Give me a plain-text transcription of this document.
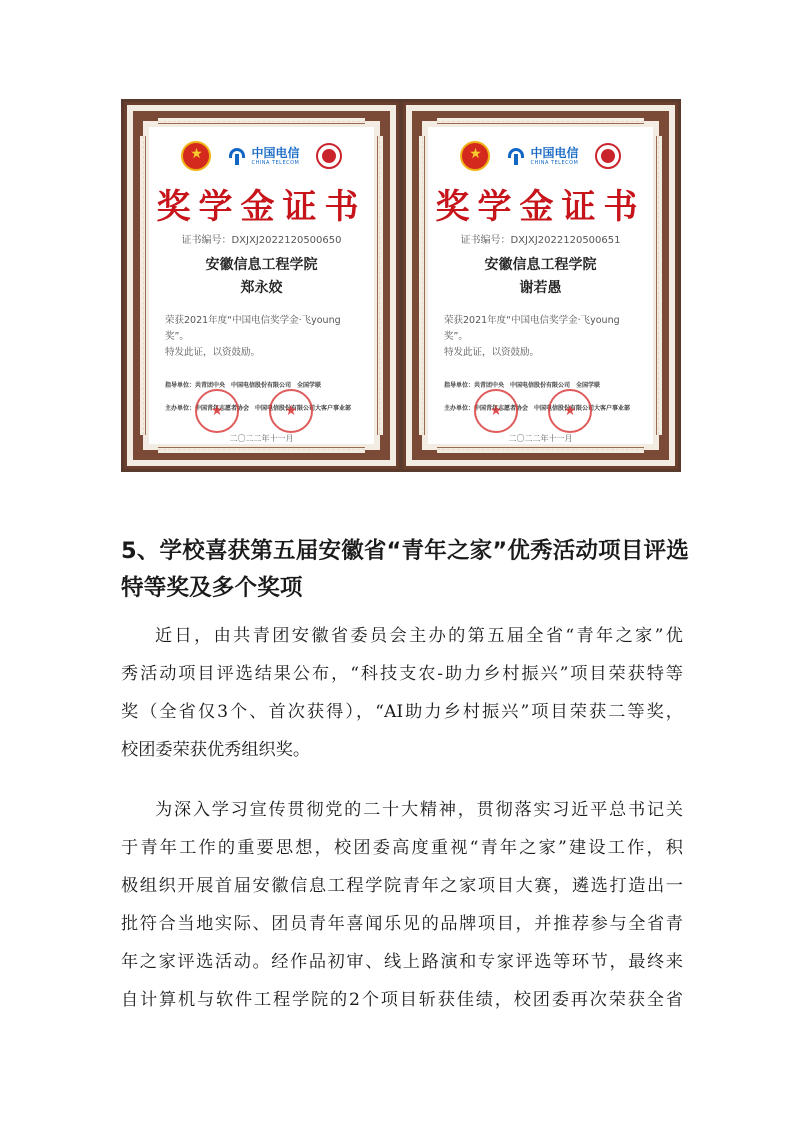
★
中国电信
CHINA TELECOM
奖学金证书
证书编号：DXJXJ2022120500650
安徽信息工程学院
郑永姣
荣获2021年度“中国电信奖学金·飞young奖”。
特发此证，以资鼓励。
指导单位：共青团中央　中国电信股份有限公司　全国学联
主办单位：中国青年志愿者协会　中国电信股份有限公司大客户事业部
★
★
二〇二二年十一月
★
中国电信
CHINA TELECOM
奖学金证书
证书编号：DXJXJ2022120500651
安徽信息工程学院
谢若愚
荣获2021年度“中国电信奖学金·飞young奖”。
特发此证，以资鼓励。
指导单位：共青团中央　中国电信股份有限公司　全国学联
主办单位：中国青年志愿者协会　中国电信股份有限公司大客户事业部
★
★
二〇二二年十一月
5、学校喜获第五届安徽省“青年之家”优秀活动项目评选
特等奖及多个奖项
近日，由共青团安徽省委员会主办的第五届全省“青年之家”优
秀活动项目评选结果公布，“科技支农-助力乡村振兴”项目荣获特等
奖（全省仅3个、首次获得），“AI助力乡村振兴”项目荣获二等奖，
校团委荣获优秀组织奖。
为深入学习宣传贯彻党的二十大精神，贯彻落实习近平总书记关
于青年工作的重要思想，校团委高度重视“青年之家”建设工作，积
极组织开展首届安徽信息工程学院青年之家项目大赛，遴选打造出一
批符合当地实际、团员青年喜闻乐见的品牌项目，并推荐参与全省青
年之家评选活动。经作品初审、线上路演和专家评选等环节，最终来
自计算机与软件工程学院的2个项目斩获佳绩，校团委再次荣获全省
